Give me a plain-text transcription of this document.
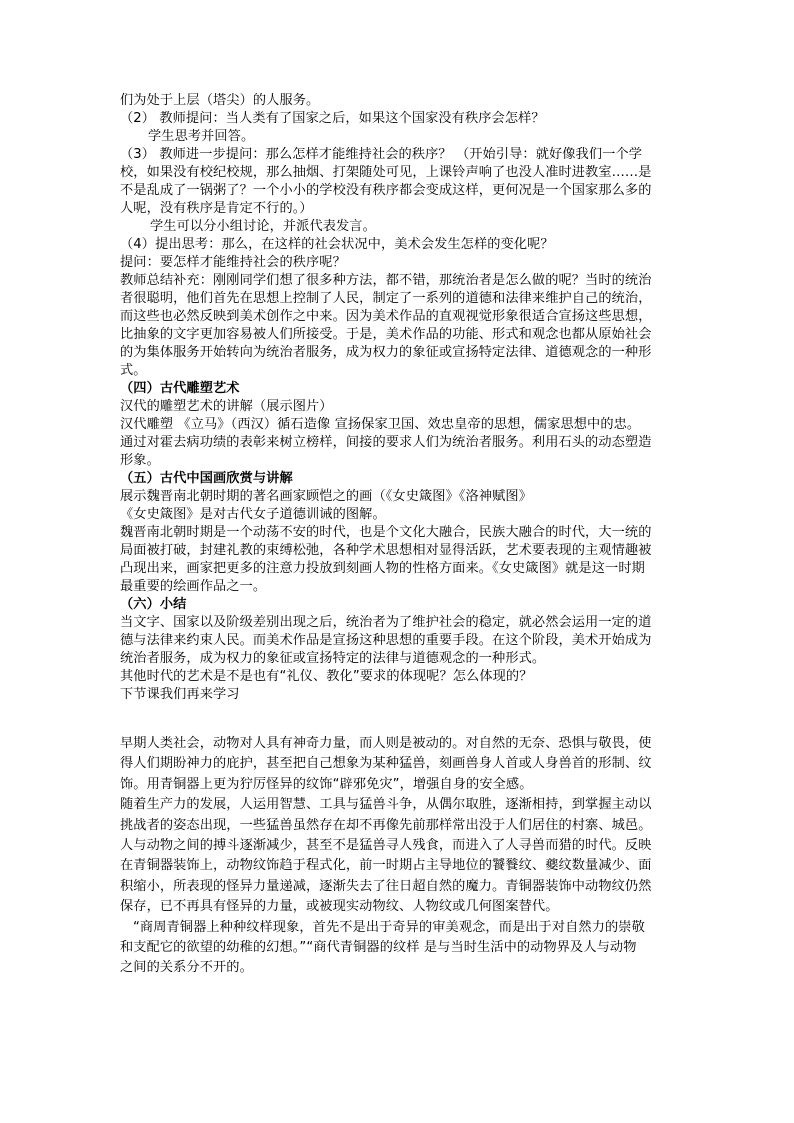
们为处于上层（塔尖）的人服务。
（2） 教师提问：当人类有了国家之后，如果这个国家没有秩序会怎样？
学生思考并回答。
（3） 教师进一步提问：那么怎样才能维持社会的秩序？ （开始引导：就好像我们一个学
校，如果没有校纪校规，那么抽烟、打架随处可见，上课铃声响了也没人准时进教室……是
不是乱成了一锅粥了？一个小小的学校没有秩序都会变成这样，更何况是一个国家那么多的
人呢，没有秩序是肯定不行的。）
学生可以分小组讨论，并派代表发言。
（4）提出思考：那么，在这样的社会状况中，美术会发生怎样的变化呢？
提问：要怎样才能维持社会的秩序呢？
教师总结补充：刚刚同学们想了很多种方法，都不错，那统治者是怎么做的呢？当时的统治
者很聪明，他们首先在思想上控制了人民，制定了一系列的道德和法律来维护自己的统治，
而这些也必然反映到美术创作之中来。因为美术作品的直观视觉形象很适合宣扬这些思想，
比抽象的文字更加容易被人们所接受。于是，美术作品的功能、形式和观念也都从原始社会
的为集体服务开始转向为统治者服务，成为权力的象征或宣扬特定法律、道德观念的一种形
式。
（四）古代雕塑艺术
汉代的雕塑艺术的讲解（展示图片）
汉代雕塑 《立马》（西汉）循石造像 宣扬保家卫国、效忠皇帝的思想，儒家思想中的忠。
通过对霍去病功绩的表彰来树立榜样，间接的要求人们为统治者服务。利用石头的动态塑造
形象。
（五）古代中国画欣赏与讲解
展示魏晋南北朝时期的著名画家顾恺之的画（《女史箴图》《洛神赋图》
《女史箴图》是对古代女子道德训诫的图解。
魏晋南北朝时期是一个动荡不安的时代，也是个文化大融合，民族大融合的时代，大一统的
局面被打破，封建礼教的束缚松弛，各种学术思想相对显得活跃，艺术要表现的主观情趣被
凸现出来，画家把更多的注意力投放到刻画人物的性格方面来。《女史箴图》就是这一时期
最重要的绘画作品之一。
（六）小结
当文字、国家以及阶级差别出现之后，统治者为了维护社会的稳定，就必然会运用一定的道
德与法律来约束人民。而美术作品是宣扬这种思想的重要手段。在这个阶段，美术开始成为
统治者服务，成为权力的象征或宣扬特定的法律与道德观念的一种形式。
其他时代的艺术是不是也有“礼仪、教化”要求的体现呢？怎么体现的？
下节课我们再来学习
早期人类社会，动物对人具有神奇力量，而人则是被动的。对自然的无奈、恐惧与敬畏，使
得人们期盼神力的庇护，甚至把自己想象为某种猛兽，刻画兽身人首或人身兽首的形制、纹
饰。用青铜器上更为狞厉怪异的纹饰“辟邪免灾”，增强自身的安全感。
随着生产力的发展，人运用智慧、工具与猛兽斗争，从偶尔取胜，逐渐相持，到掌握主动以
挑战者的姿态出现，一些猛兽虽然存在却不再像先前那样常出没于人们居住的村寨、城邑。
人与动物之间的搏斗逐渐减少，甚至不是猛兽寻人残食，而进入了人寻兽而猎的时代。反映
在青铜器装饰上，动物纹饰趋于程式化，前一时期占主导地位的饕餮纹、夔纹数量减少、面
积缩小，所表现的怪异力量递减，逐渐失去了往日超自然的魔力。青铜器装饰中动物纹仍然
保存，已不再具有怪异的力量，或被现实动物纹、人物纹或几何图案替代。
“商周青铜器上种种纹样现象，首先不是出于奇异的审美观念，而是出于对自然力的崇敬
和支配它的欲望的幼稚的幻想。”“商代青铜器的纹样 是与当时生活中的动物界及人与动物
之间的关系分不开的。
